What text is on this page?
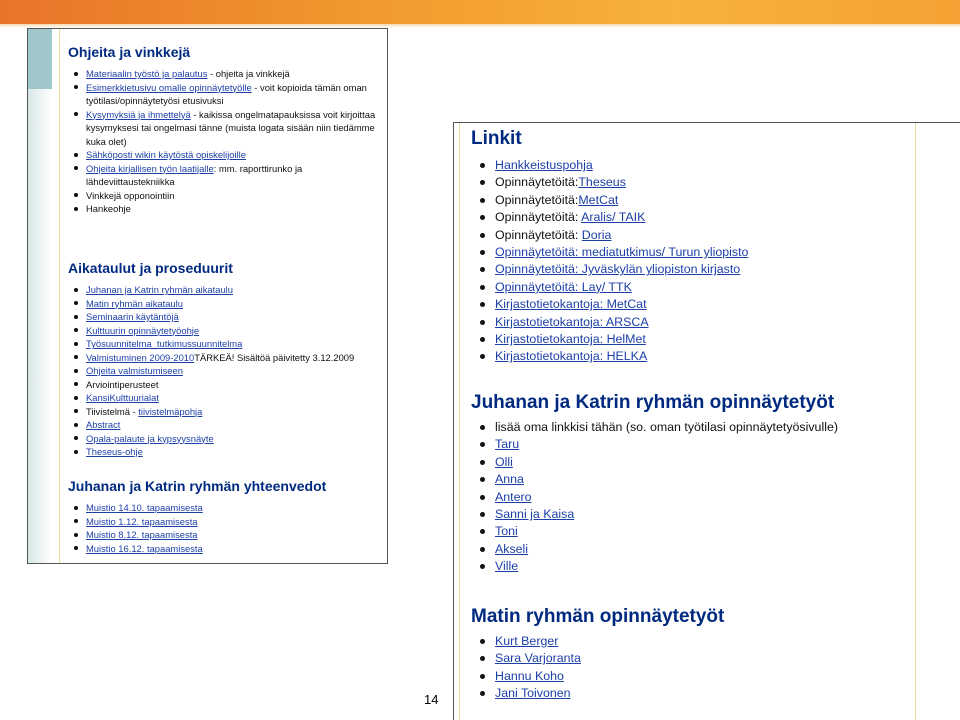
Ohjeita ja vinkkejä
Materiaalin työstö ja palautus - ohjeita ja vinkkejä
Esimerkkietusivu omalle opinnäytetyölle - voit kopioida tämän oman työtilasi/opinnäytetyösi etusivuksi
Kysymyksiä ja ihmettelyä - kaikissa ongelmatapauksissa voit kirjoittaa kysymyksesi tai ongelmasi tänne (muista logata sisään niin tiedämme kuka olet)
Sähköposti wikin käytöstä opiskelijoille
Ohjeita kirjallisen työn laatijalle: mm. raporttirunko ja lähdeviittaustekniikka
Vinkkejä opponointiin
Hankeohje
Aikataulut ja proseduurit
Juhanan ja Katrin ryhmän aikataulu
Matin ryhmän aikataulu
Seminaarin käytäntöjä
Kulttuurin opinnäytetyöohje
Työsuunnitelma_tutkimussuunnitelma
Valmistuminen 2009-2010TÄRKEÄ! Sisältöä päivitetty 3.12.2009
Ohjeita valmistumiseen
Arviointiperusteet
KansiKulttuurialat
Tiivistelmä - tiivistelmäpohja
Abstract
Opala-palaute ja kypsyysnäyte
Theseus-ohje
Juhanan ja Katrin ryhmän yhteenvedot
Muistio 14.10. tapaamisesta
Muistio 1.12. tapaamisesta
Muistio 8.12. tapaamisesta
Muistio 16.12. tapaamisesta
Linkit
Hankkeistuspohja
Opinnäytetöitä:Theseus
Opinnäytetöitä:MetCat
Opinnäytetöitä: Aralis/ TAIK
Opinnäytetöitä: Doria
Opinnäytetöitä: mediatutkimus/ Turun yliopisto
Opinnäytetöitä: Jyväskylän yliopiston kirjasto
Opinnäytetöitä: Lay/ TTK
Kirjastotietokantoja: MetCat
Kirjastotietokantoja: ARSCA
Kirjastotietokantoja: HelMet
Kirjastotietokantoja: HELKA
Juhanan ja Katrin ryhmän opinnäytetyöt
lisää oma linkkisi tähän (so. oman työtilasi opinnäytetyösivulle)
Taru
Olli
Anna
Antero
Sanni ja Kaisa
Toni
Akseli
Ville
Matin ryhmän opinnäytetyöt
Kurt Berger
Sara Varjoranta
Hannu Koho
Jani Toivonen
14
